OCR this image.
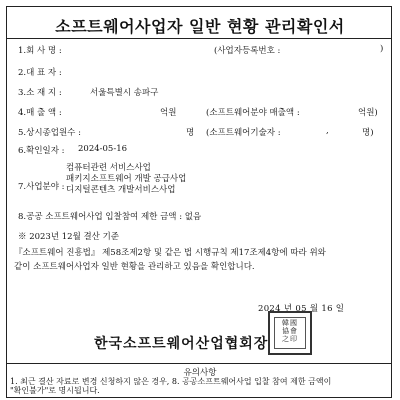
소프트웨어사업자 일반 현황 관리확인서
1.회 사 명 :	(사업자등록번호 :	)
2.대 표 자 :
3.소 재 지 :	서울특별시 송파구
4.매 출 액 :	억원	(소프트웨어분야 매출액 :	억원)
5.상시종업원수 :	명 (소프트웨어기술자 :	,	명)
6.확인일자 : 2024-05-16
7.사업분야 :
컴퓨터관련 서비스사업
패키지소프트웨어 개발 공급사업
디지털콘텐츠 개발서비스사업
8.공공 소프트웨어사업 입찰참여 제한 금액 : 없음
※ 2023년 12월 결산 기준
『소프트웨어 진흥법』 제58조제2항 및 같은 법 시행규칙 제17조제4항에 따라 위와
같이 소프트웨어사업자 일반 현황을 관리하고 있음을 확인합니다.
2024 년 05 월 16 일
한국소프트웨어산업협회장
韓國
協會
之印
유의사항
1. 최근 결산 자료로 변경 신청하지 않은 경우, 8. 공공소프트웨어사업 입찰 참여 제한 금액이
"확인불가"로 명시됩니다.
